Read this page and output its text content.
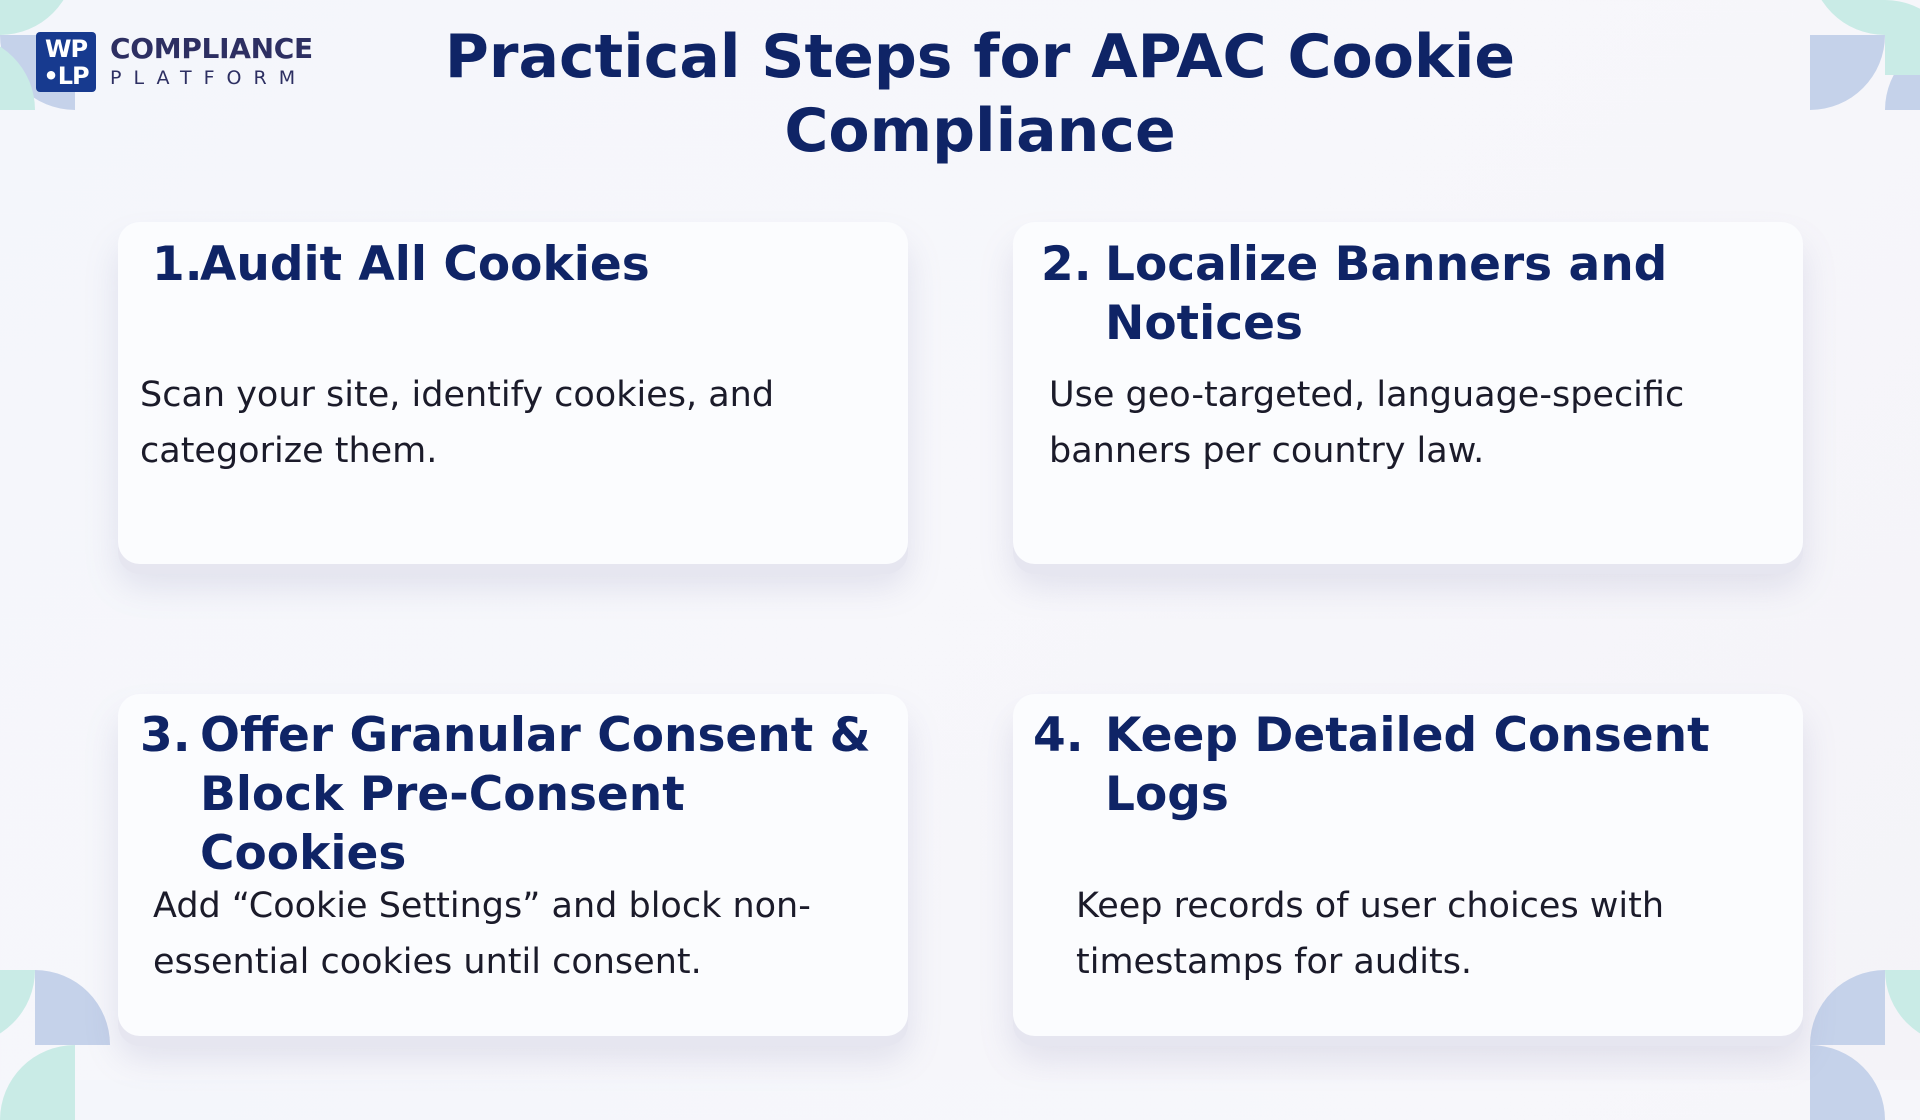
WP
•LP
COMPLIANCE
PLATFORM	Practical Steps for APAC Cookie Compliance
1.
Audit All Cookies
Scan your site, identify cookies, and categorize them.
2. Localize Banners and Notices
Use geo-targeted, language-specific banners per country law.
3. Offer Granular Consent & Block Pre-Consent Cookies
Add “Cookie Settings” and block non-essential cookies until consent.
4. Keep Detailed Consent Logs
Keep records of user choices with timestamps for audits.
